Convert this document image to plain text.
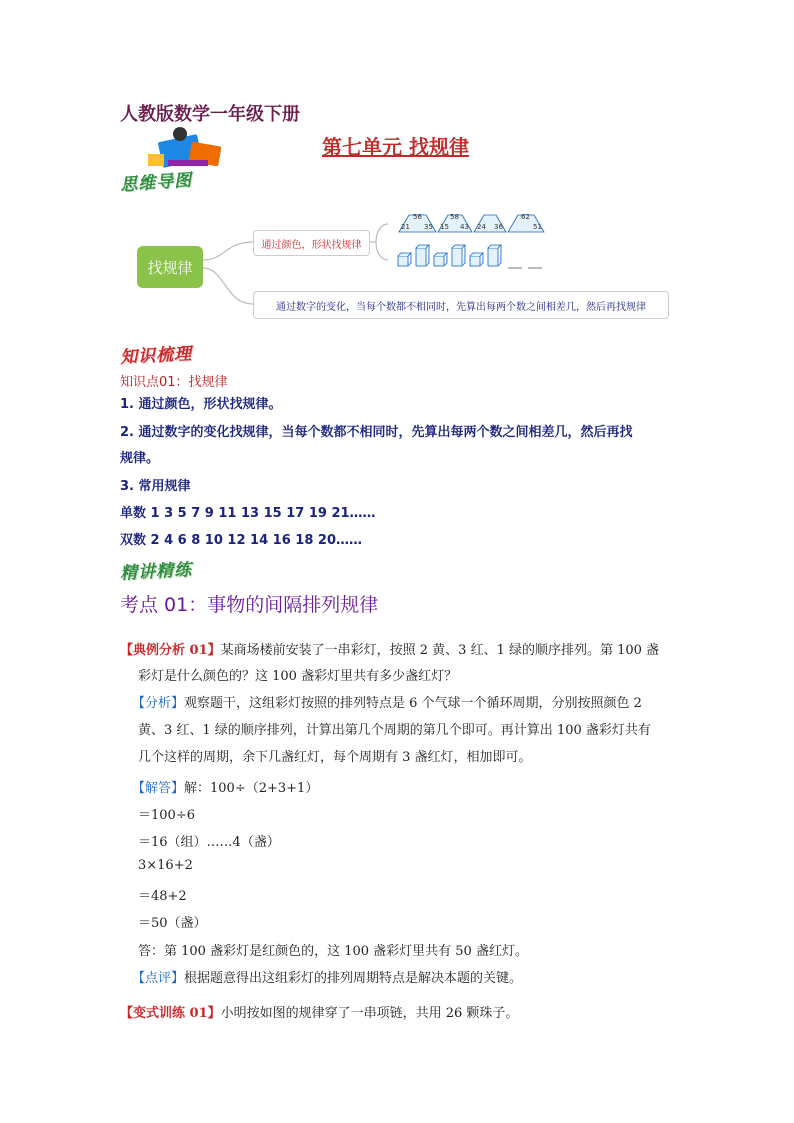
人教版数学一年级下册
第七单元 找规律
思维导图
找规律
通过颜色，形状找规律
通过数字的变化，当每个数都不相同时，先算出每两个数之间相差几，然后再找规律
56
21 35
58
15 43 24 36
62
51
知识梳理
知识点01：找规律
1. 通过颜色，形状找规律。
2. 通过数字的变化找规律，当每个数都不相同时，先算出每两个数之间相差几，然后再找
规律。
3. 常用规律
单数 1 3 5 7 9 11 13 15 17 19 21……
双数 2 4 6 8 10 12 14 16 18 20……
精讲精练
考点 01：事物的间隔排列规律
【典例分析 01】某商场楼前安装了一串彩灯，按照 2 黄、3 红、1 绿的顺序排列。第 100 盏
彩灯是什么颜色的？这 100 盏彩灯里共有多少盏红灯？
【分析】观察题干，这组彩灯按照的排列特点是 6 个气球一个循环周期，分别按照颜色 2
黄、3 红、1 绿的顺序排列，计算出第几个周期的第几个即可。再计算出 100 盏彩灯共有
几个这样的周期，余下几盏红灯，每个周期有 3 盏红灯，相加即可。
【解答】解：100÷（2+3+1）
＝100÷6
＝16（组）……4（盏）
3×16+2
＝48+2
＝50（盏）
答：第 100 盏彩灯是红颜色的，这 100 盏彩灯里共有 50 盏红灯。
【点评】根据题意得出这组彩灯的排列周期特点是解决本题的关键。
【变式训练 01】小明按如图的规律穿了一串项链，共用 26 颗珠子。
